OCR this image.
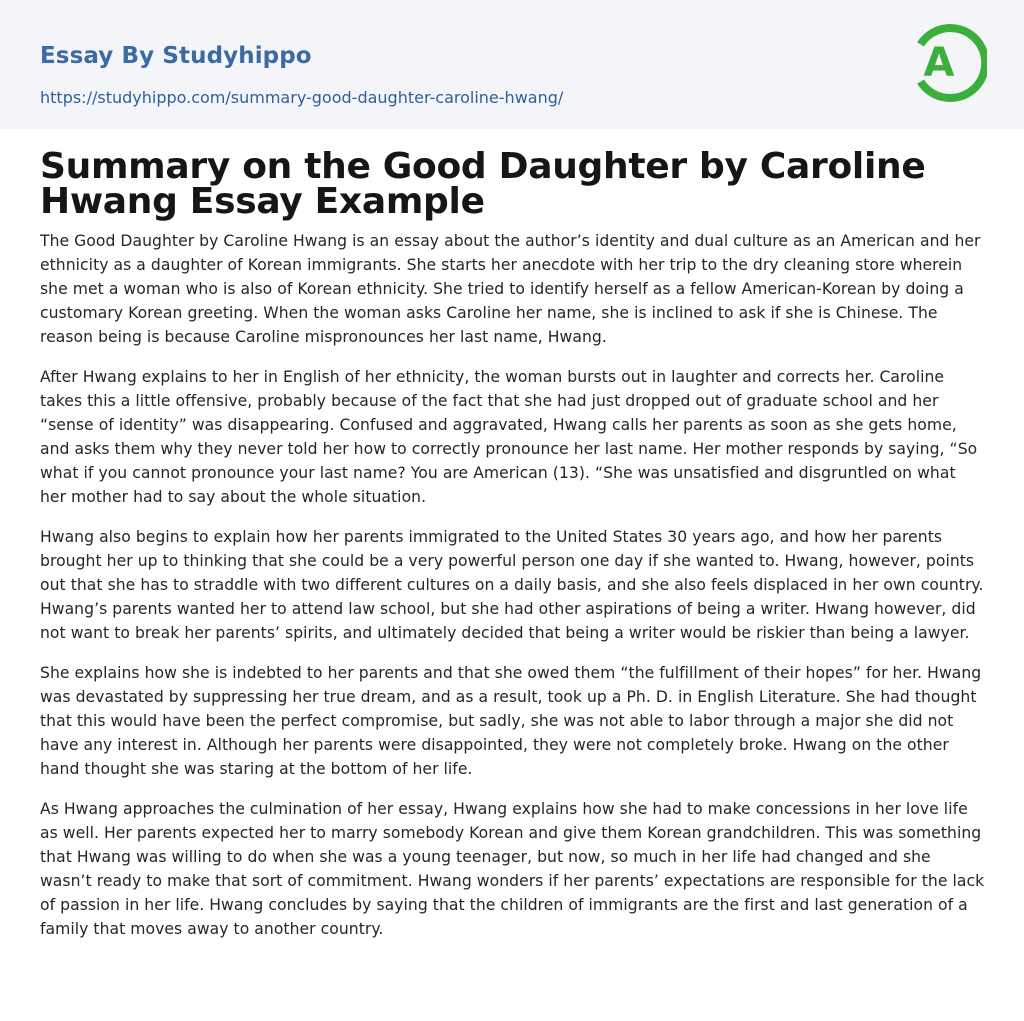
Essay By Studyhippo
https://studyhippo.com/summary-good-daughter-caroline-hwang/
A
Summary on the Good Daughter by Caroline Hwang Essay Example

The Good Daughter by Caroline Hwang is an essay about the author’s identity and dual culture as an American and her ethnicity as a daughter of Korean immigrants. She starts her anecdote with her trip to the dry cleaning store wherein she met a woman who is also of Korean ethnicity. She tried to identify herself as a fellow American-Korean by doing a customary Korean greeting. When the woman asks Caroline her name, she is inclined to ask if she is Chinese. The reason being is because Caroline mispronounces her last name, Hwang.

After Hwang explains to her in English of her ethnicity, the woman bursts out in laughter and corrects her. Caroline takes this a little offensive, probably because of the fact that she had just dropped out of graduate school and her “sense of identity” was disappearing. Confused and aggravated, Hwang calls her parents as soon as she gets home, and asks them why they never told her how to correctly pronounce her last name. Her mother responds by saying, “So what if you cannot pronounce your last name? You are American (13). “She was unsatisfied and disgruntled on what her mother had to say about the whole situation.

Hwang also begins to explain how her parents immigrated to the United States 30 years ago, and how her parents brought her up to thinking that she could be a very powerful person one day if she wanted to. Hwang, however, points out that she has to straddle with two different cultures on a daily basis, and she also feels displaced in her own country. Hwang’s parents wanted her to attend law school, but she had other aspirations of being a writer. Hwang however, did not want to break her parents’ spirits, and ultimately decided that being a writer would be riskier than being a lawyer.

She explains how she is indebted to her parents and that she owed them “the fulfillment of their hopes” for her. Hwang was devastated by suppressing her true dream, and as a result, took up a Ph. D. in English Literature. She had thought that this would have been the perfect compromise, but sadly, she was not able to labor through a major she did not have any interest in. Although her parents were disappointed, they were not completely broke. Hwang on the other hand thought she was staring at the bottom of her life.

As Hwang approaches the culmination of her essay, Hwang explains how she had to make concessions in her love life as well. Her parents expected her to marry somebody Korean and give them Korean grandchildren. This was something that Hwang was willing to do when she was a young teenager, but now, so much in her life had changed and she wasn’t ready to make that sort of commitment. Hwang wonders if her parents’ expectations are responsible for the lack of passion in her life. Hwang concludes by saying that the children of immigrants are the first and last generation of a family that moves away to another country.
